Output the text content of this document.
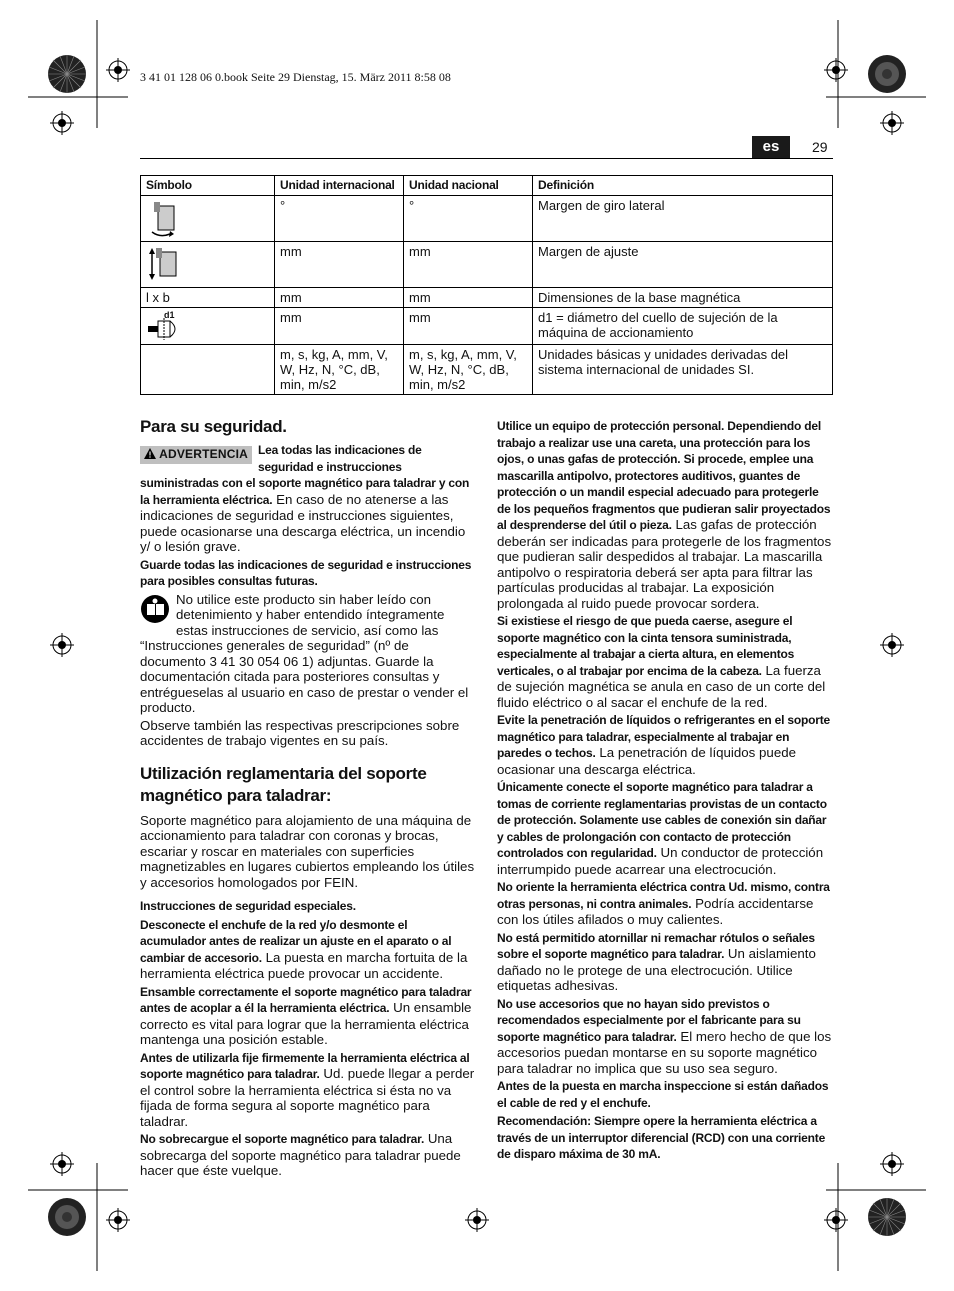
3 41 01 128 06 0.book Seite 29 Dienstag, 15. März 2011 8:58 08
es	29
Símbolo	Unidad internacional	Unidad nacional	Definición

	°	°	Margen de giro lateral

	mm	mm	Margen de ajuste
l x b	mm	mm	Dimensiones de la base magnética

d1	mm	mm	d1 = diámetro del cuello de sujeción de la máquina de accionamiento
	m, s, kg, A, mm, V, W, Hz, N, °C, dB, min, m/s2	m, s, kg, A, mm, V, W, Hz, N, °C, dB, min, m/s2	Unidades básicas y unidades derivadas del sistema internacional de unidades SI.
Para su seguridad.

ADVERTENCIA Lea todas las indicaciones de seguridad e instrucciones suministradas con el soporte magnético para taladrar y con la herramienta eléctrica. En caso de no atenerse a las indicaciones de seguridad e instrucciones siguientes, puede ocasionarse una descarga eléctrica, un incendio y/ o lesión grave.

Guarde todas las indicaciones de seguridad e instrucciones para posibles consultas futuras.

No utilice este producto sin haber leído con detenimiento y haber entendido íntegramente estas instrucciones de servicio, así como las “Instrucciones generales de seguridad” (nº de documento 3 41 30 054 06 1) adjuntas. Guarde la documentación citada para posteriores consultas y entrégueselas al usuario en caso de prestar o vender el producto.

Observe también las respectivas prescripciones sobre accidentes de trabajo vigentes en su país.

Utilización reglamentaria del soporte magnético para taladrar:

Soporte magnético para alojamiento de una máquina de accionamiento para taladrar con coronas y brocas, escariar y roscar en materiales con superficies magnetizables en lugares cubiertos empleando los útiles y accesorios homologados por FEIN.

Instrucciones de seguridad especiales.

Desconecte el enchufe de la red y/o desmonte el acumulador antes de realizar un ajuste en el aparato o al cambiar de accesorio. La puesta en marcha fortuita de la herramienta eléctrica puede provocar un accidente.

Ensamble correctamente el soporte magnético para taladrar antes de acoplar a él la herramienta eléctrica. Un ensamble correcto es vital para lograr que la herramienta eléctrica mantenga una posición estable.

Antes de utilizarla fije firmemente la herramienta eléctrica al soporte magnético para taladrar. Ud. puede llegar a perder el control sobre la herramienta eléctrica si ésta no va fijada de forma segura al soporte magnético para taladrar.

No sobrecargue el soporte magnético para taladrar. Una sobrecarga del soporte magnético para taladrar puede hacer que éste vuelque.

Utilice un equipo de protección personal. Dependiendo del trabajo a realizar use una careta, una protección para los ojos, o unas gafas de protección. Si procede, emplee una mascarilla antipolvo, protectores auditivos, guantes de protección o un mandil especial adecuado para protegerle de los pequeños fragmentos que pudieran salir proyectados al desprenderse del útil o pieza. Las gafas de protección deberán ser indicadas para protegerle de los fragmentos que pudieran salir despedidos al trabajar. La mascarilla antipolvo o respiratoria deberá ser apta para filtrar las partículas producidas al trabajar. La exposición prolongada al ruido puede provocar sordera.

Si existiese el riesgo de que pueda caerse, asegure el soporte magnético con la cinta tensora suministrada, especialmente al trabajar a cierta altura, en elementos verticales, o al trabajar por encima de la cabeza. La fuerza de sujeción magnética se anula en caso de un corte del fluido eléctrico o al sacar el enchufe de la red.

Evite la penetración de líquidos o refrigerantes en el soporte magnético para taladrar, especialmente al trabajar en paredes o techos. La penetración de líquidos puede ocasionar una descarga eléctrica.

Únicamente conecte el soporte magnético para taladrar a tomas de corriente reglamentarias provistas de un contacto de protección. Solamente use cables de conexión sin dañar y cables de prolongación con contacto de protección controlados con regularidad. Un conductor de protección interrumpido puede acarrear una electrocución.

No oriente la herramienta eléctrica contra Ud. mismo, contra otras personas, ni contra animales. Podría accidentarse con los útiles afilados o muy calientes.

No está permitido atornillar ni remachar rótulos o señales sobre el soporte magnético para taladrar. Un aislamiento dañado no le protege de una electrocución. Utilice etiquetas adhesivas.

No use accesorios que no hayan sido previstos o recomendados especialmente por el fabricante para su soporte magnético para taladrar. El mero hecho de que los accesorios puedan montarse en su soporte magnético para taladrar no implica que su uso sea seguro.

Antes de la puesta en marcha inspeccione si están dañados el cable de red y el enchufe.

Recomendación: Siempre opere la herramienta eléctrica a través de un interruptor diferencial (RCD) con una corriente de disparo máxima de 30 mA.
